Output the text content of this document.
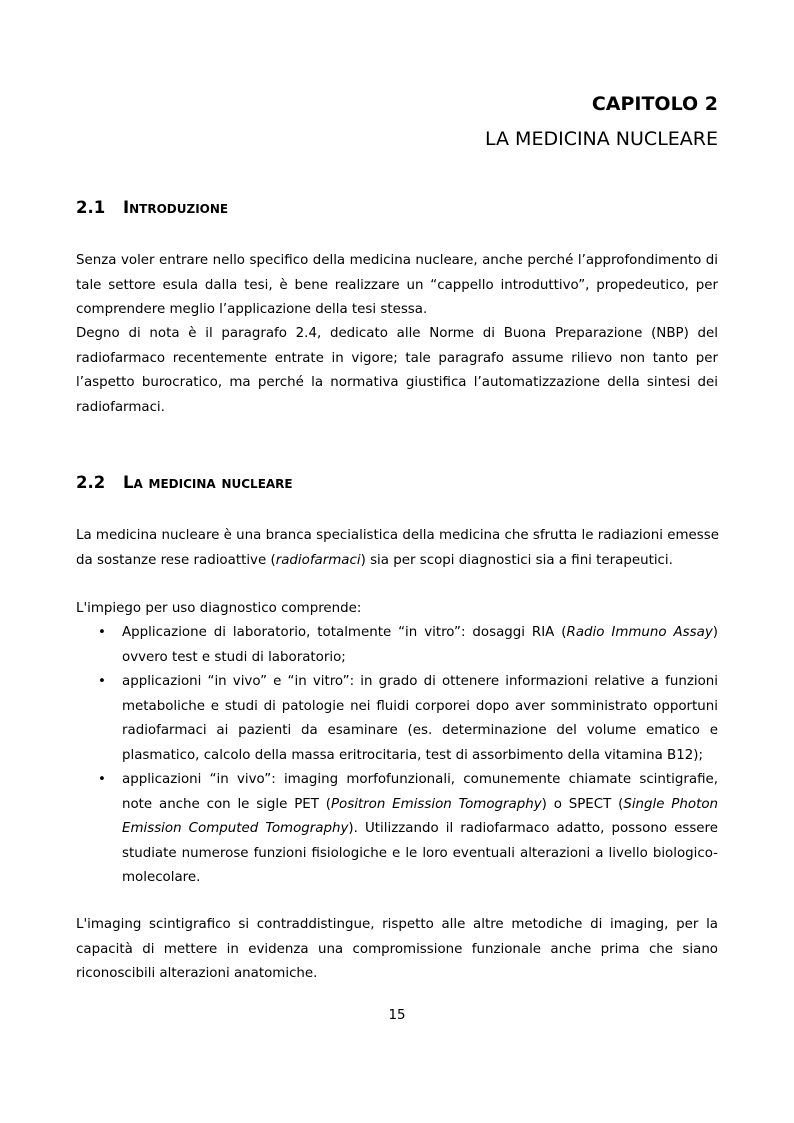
CAPITOLO 2
LA MEDICINA NUCLEARE
2.1 Introduzione
Senza voler entrare nello specifico della medicina nucleare, anche perché l’approfondimento di
tale settore esula dalla tesi, è bene realizzare un “cappello introduttivo”, propedeutico, per
comprendere meglio l’applicazione della tesi stessa.
Degno di nota è il paragrafo 2.4, dedicato alle Norme di Buona Preparazione (NBP) del
radiofarmaco recentemente entrate in vigore; tale paragrafo assume rilievo non tanto per
l’aspetto burocratico, ma perché la normativa giustifica l’automatizzazione della sintesi dei
radiofarmaci.
2.2 La medicina nucleare
La medicina nucleare è una branca specialistica della medicina che sfrutta le radiazioni emesse
da sostanze rese radioattive (radiofarmaci) sia per scopi diagnostici sia a fini terapeutici.
L'impiego per uso diagnostico comprende:
• Applicazione di laboratorio, totalmente “in vitro”: dosaggi RIA (Radio Immuno Assay)
ovvero test e studi di laboratorio;
• applicazioni “in vivo” e “in vitro”: in grado di ottenere informazioni relative a funzioni
metaboliche e studi di patologie nei fluidi corporei dopo aver somministrato opportuni
radiofarmaci ai pazienti da esaminare (es. determinazione del volume ematico e
plasmatico, calcolo della massa eritrocitaria, test di assorbimento della vitamina B12);
• applicazioni “in vivo”: imaging morfofunzionali, comunemente chiamate scintigrafie,
note anche con le sigle PET (Positron Emission Tomography) o SPECT (Single Photon
Emission Computed Tomography). Utilizzando il radiofarmaco adatto, possono essere
studiate numerose funzioni fisiologiche e le loro eventuali alterazioni a livello biologico-
molecolare.
L'imaging scintigrafico si contraddistingue, rispetto alle altre metodiche di imaging, per la
capacità di mettere in evidenza una compromissione funzionale anche prima che siano
riconoscibili alterazioni anatomiche.
15
